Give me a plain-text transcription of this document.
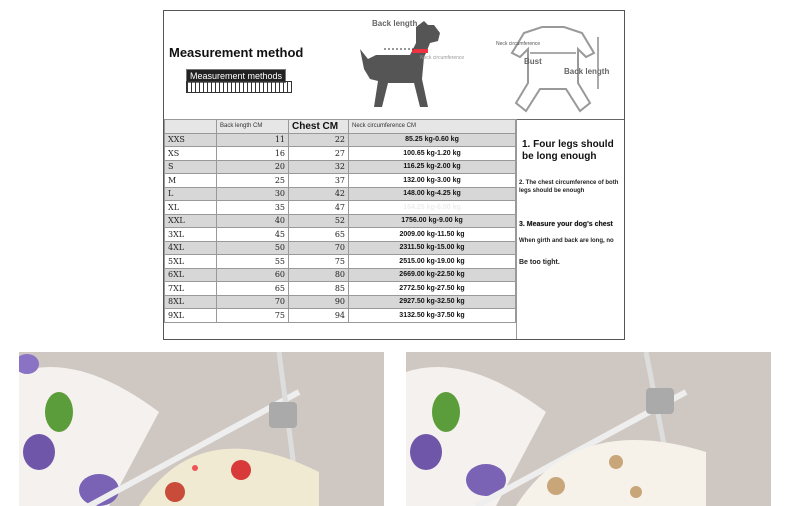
Measurement method
Measurement methods
Back length
Neck circumference
Neck circumference
Bust
Back length
	Back length CM	Chest CM	Neck circumference CM
XXS	11	22	85.25 kg-0.60 kg
XS	16	27	100.65 kg-1.20 kg
S	20	32	116.25 kg-2.00 kg
M	25	37	132.00 kg-3.00 kg
L	30	42	148.00 kg-4.25 kg
XL	35	47	164.25 kg-6.00 kg
XXL	40	52	1756.00 kg-9.00 kg
3XL	45	65	2009.00 kg-11.50 kg
4XL	50	70	2311.50 kg-15.00 kg
5XL	55	75	2515.00 kg-19.00 kg
6XL	60	80	2669.00 kg-22.50 kg
7XL	65	85	2772.50 kg-27.50 kg
8XL	70	90	2927.50 kg-32.50 kg
9XL	75	94	3132.50 kg-37.50 kg
1. Four legs should be long enough
2. The chest circumference of both legs should be enough
3. Measure your dog's chest
When girth and back are long, no
Be too tight.
